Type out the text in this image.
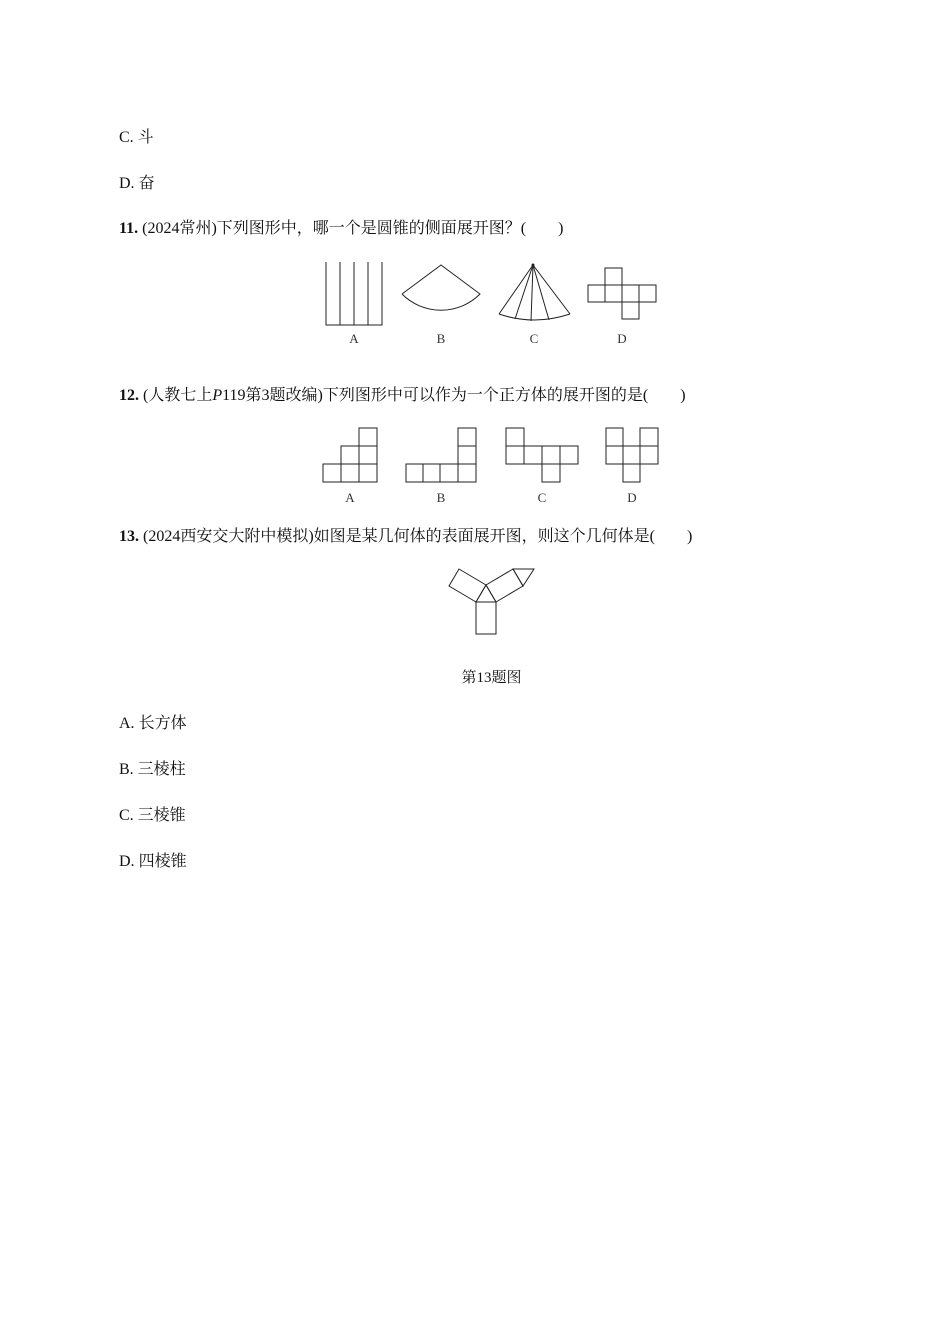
C. 斗
D. 奋
11. (2024常州)下列图形中，哪一个是圆锥的侧面展开图？(　　)
A	B	C	D
12. (人教七上P119第3题改编)下列图形中可以作为一个正方体的展开图的是(　　)
A	B	C	D
13. (2024西安交大附中模拟)如图是某几何体的表面展开图，则这个几何体是(　　)
第13题图
A. 长方体
B. 三棱柱
C. 三棱锥
D. 四棱锥
